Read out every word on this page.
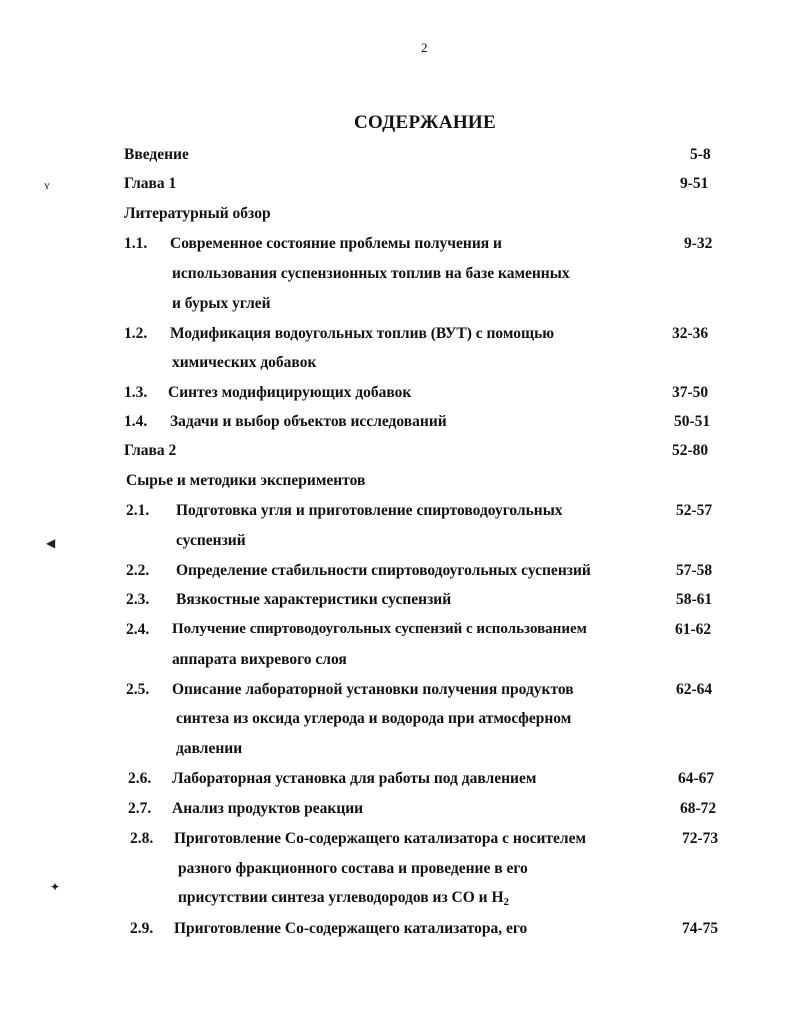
2
СОДЕРЖАНИЕ
ʏ
◀
✦
Введение	5-8
Глава 1	9-51
Литературный обзор
1.1. Современное состояние проблемы получения и	9-32
использования суспензионных топлив на базе каменных
и бурых углей
1.2. Модификация водоугольных топлив (ВУТ) с помощью	32-36
химических добавок
1.3. Синтез модифицирующих добавок	37-50
1.4. Задачи и выбор объектов исследований	50-51
Глава 2	52-80
Сырье и методики экспериментов
2.1. Подготовка угля и приготовление спиртоводоугольных	52-57
суспензий
2.2. Определение стабильности спиртоводоугольных суспензий	57-58
2.3. Вязкостные характеристики суспензий	58-61
2.4. Получение спиртоводоугольных суспензий с использованием	61-62
аппарата вихревого слоя
2.5. Описание лабораторной установки получения продуктов	62-64
синтеза из оксида углерода и водорода при атмосферном
давлении
2.6. Лабораторная установка для работы под давлением	64-67
2.7. Анализ продуктов реакции	68-72
2.8. Приготовление Со-содержащего катализатора с носителем	72-73
разного фракционного состава и проведение в его
присутствии синтеза углеводородов из СО и $Н_2$
2.9. Приготовление Со-содержащего катализатора, его	74-75
